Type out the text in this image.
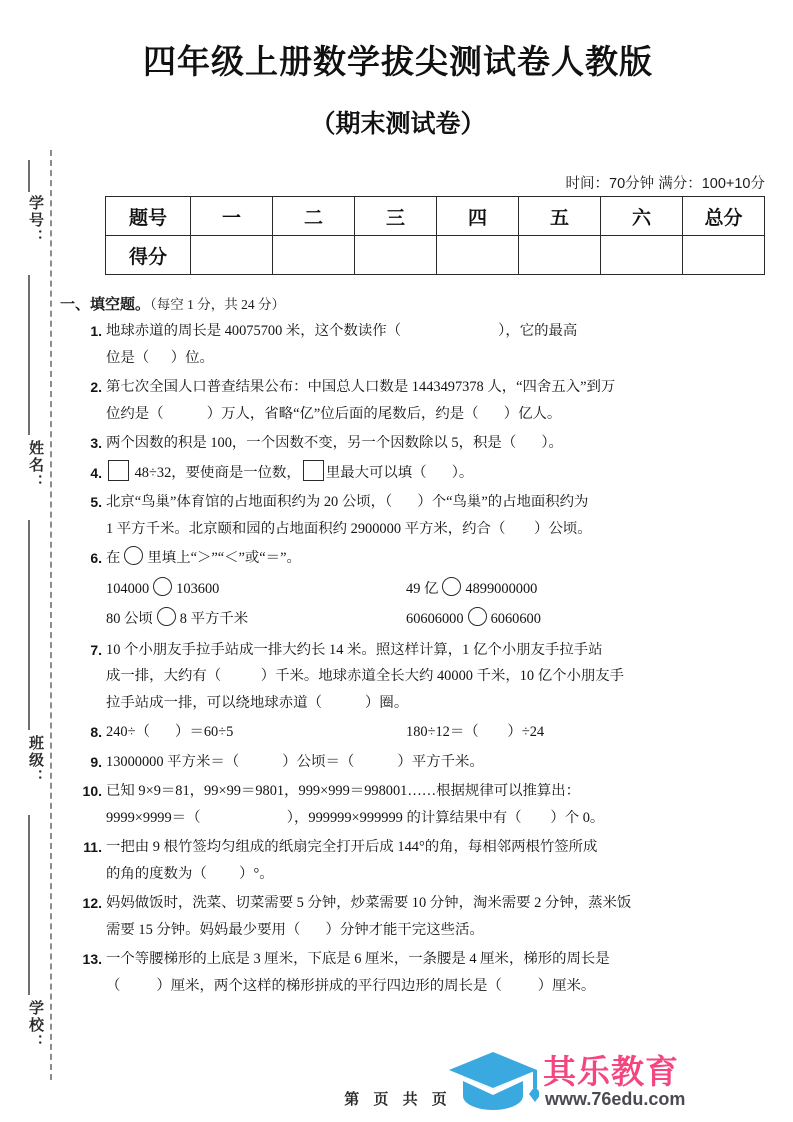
学号：
姓名：
班级：
学校：
四年级上册数学拔尖测试卷人教版
（期末测试卷）
时间：70分钟 满分：100+10分
题号	一	二	三	四	五	六	总分
得分							
一、填空题。（每空 1 分，共 24 分）
1. 地球赤道的周长是 40075700 米，这个数读作（                           ），它的最高
位是（      ）位。
2. 第七次全国人口普查结果公布：中国总人口数是 1443497378 人，“四舍五入”到万
位约是（            ）万人，省略“亿”位后面的尾数后，约是（       ）亿人。
3. 两个因数的积是 100，一个因数不变，另一个因数除以 5，积是（       ）。
4.	48÷32，要使商是一位数， 里最大可以填（       ）。
5. 北京“鸟巢”体育馆的占地面积约为 20 公顷，（       ）个“鸟巢”的占地面积约为
1 平方千米。北京颐和园的占地面积约 2900000 平方米，约合（        ）公顷。
6. 在 里填上“＞”“＜”或“＝”。
104000 103600	49 亿 4899000000
80 公顷 8 平方千米	60606000 6060600
7. 10 个小朋友手拉手站成一排大约长 14 米。照这样计算，1 亿个小朋友手拉手站
成一排，大约有（           ）千米。地球赤道全长大约 40000 千米，10 亿个小朋友手
拉手站成一排，可以绕地球赤道（            ）圈。
8. 240÷（       ）＝60÷5	180÷12＝（        ）÷24
9. 13000000 平方米＝（            ）公顷＝（            ）平方千米。
10. 已知 9×9＝81，99×99＝9801，999×999＝998001……根据规律可以推算出：
9999×9999＝（                        ），999999×999999 的计算结果中有（        ）个 0。
11. 一把由 9 根竹签均匀组成的纸扇完全打开后成 144°的角，每相邻两根竹签所成
的角的度数为（         ）°。
12. 妈妈做饭时，洗菜、切菜需要 5 分钟，炒菜需要 10 分钟，淘米需要 2 分钟，蒸米饭
需要 15 分钟。妈妈最少要用（       ）分钟才能干完这些活。
13. 一个等腰梯形的上底是 3 厘米，下底是 6 厘米，一条腰是 4 厘米，梯形的周长是
（          ）厘米，两个这样的梯形拼成的平行四边形的周长是（          ）厘米。
第 页 共 页
其乐教育
www.76edu.com
